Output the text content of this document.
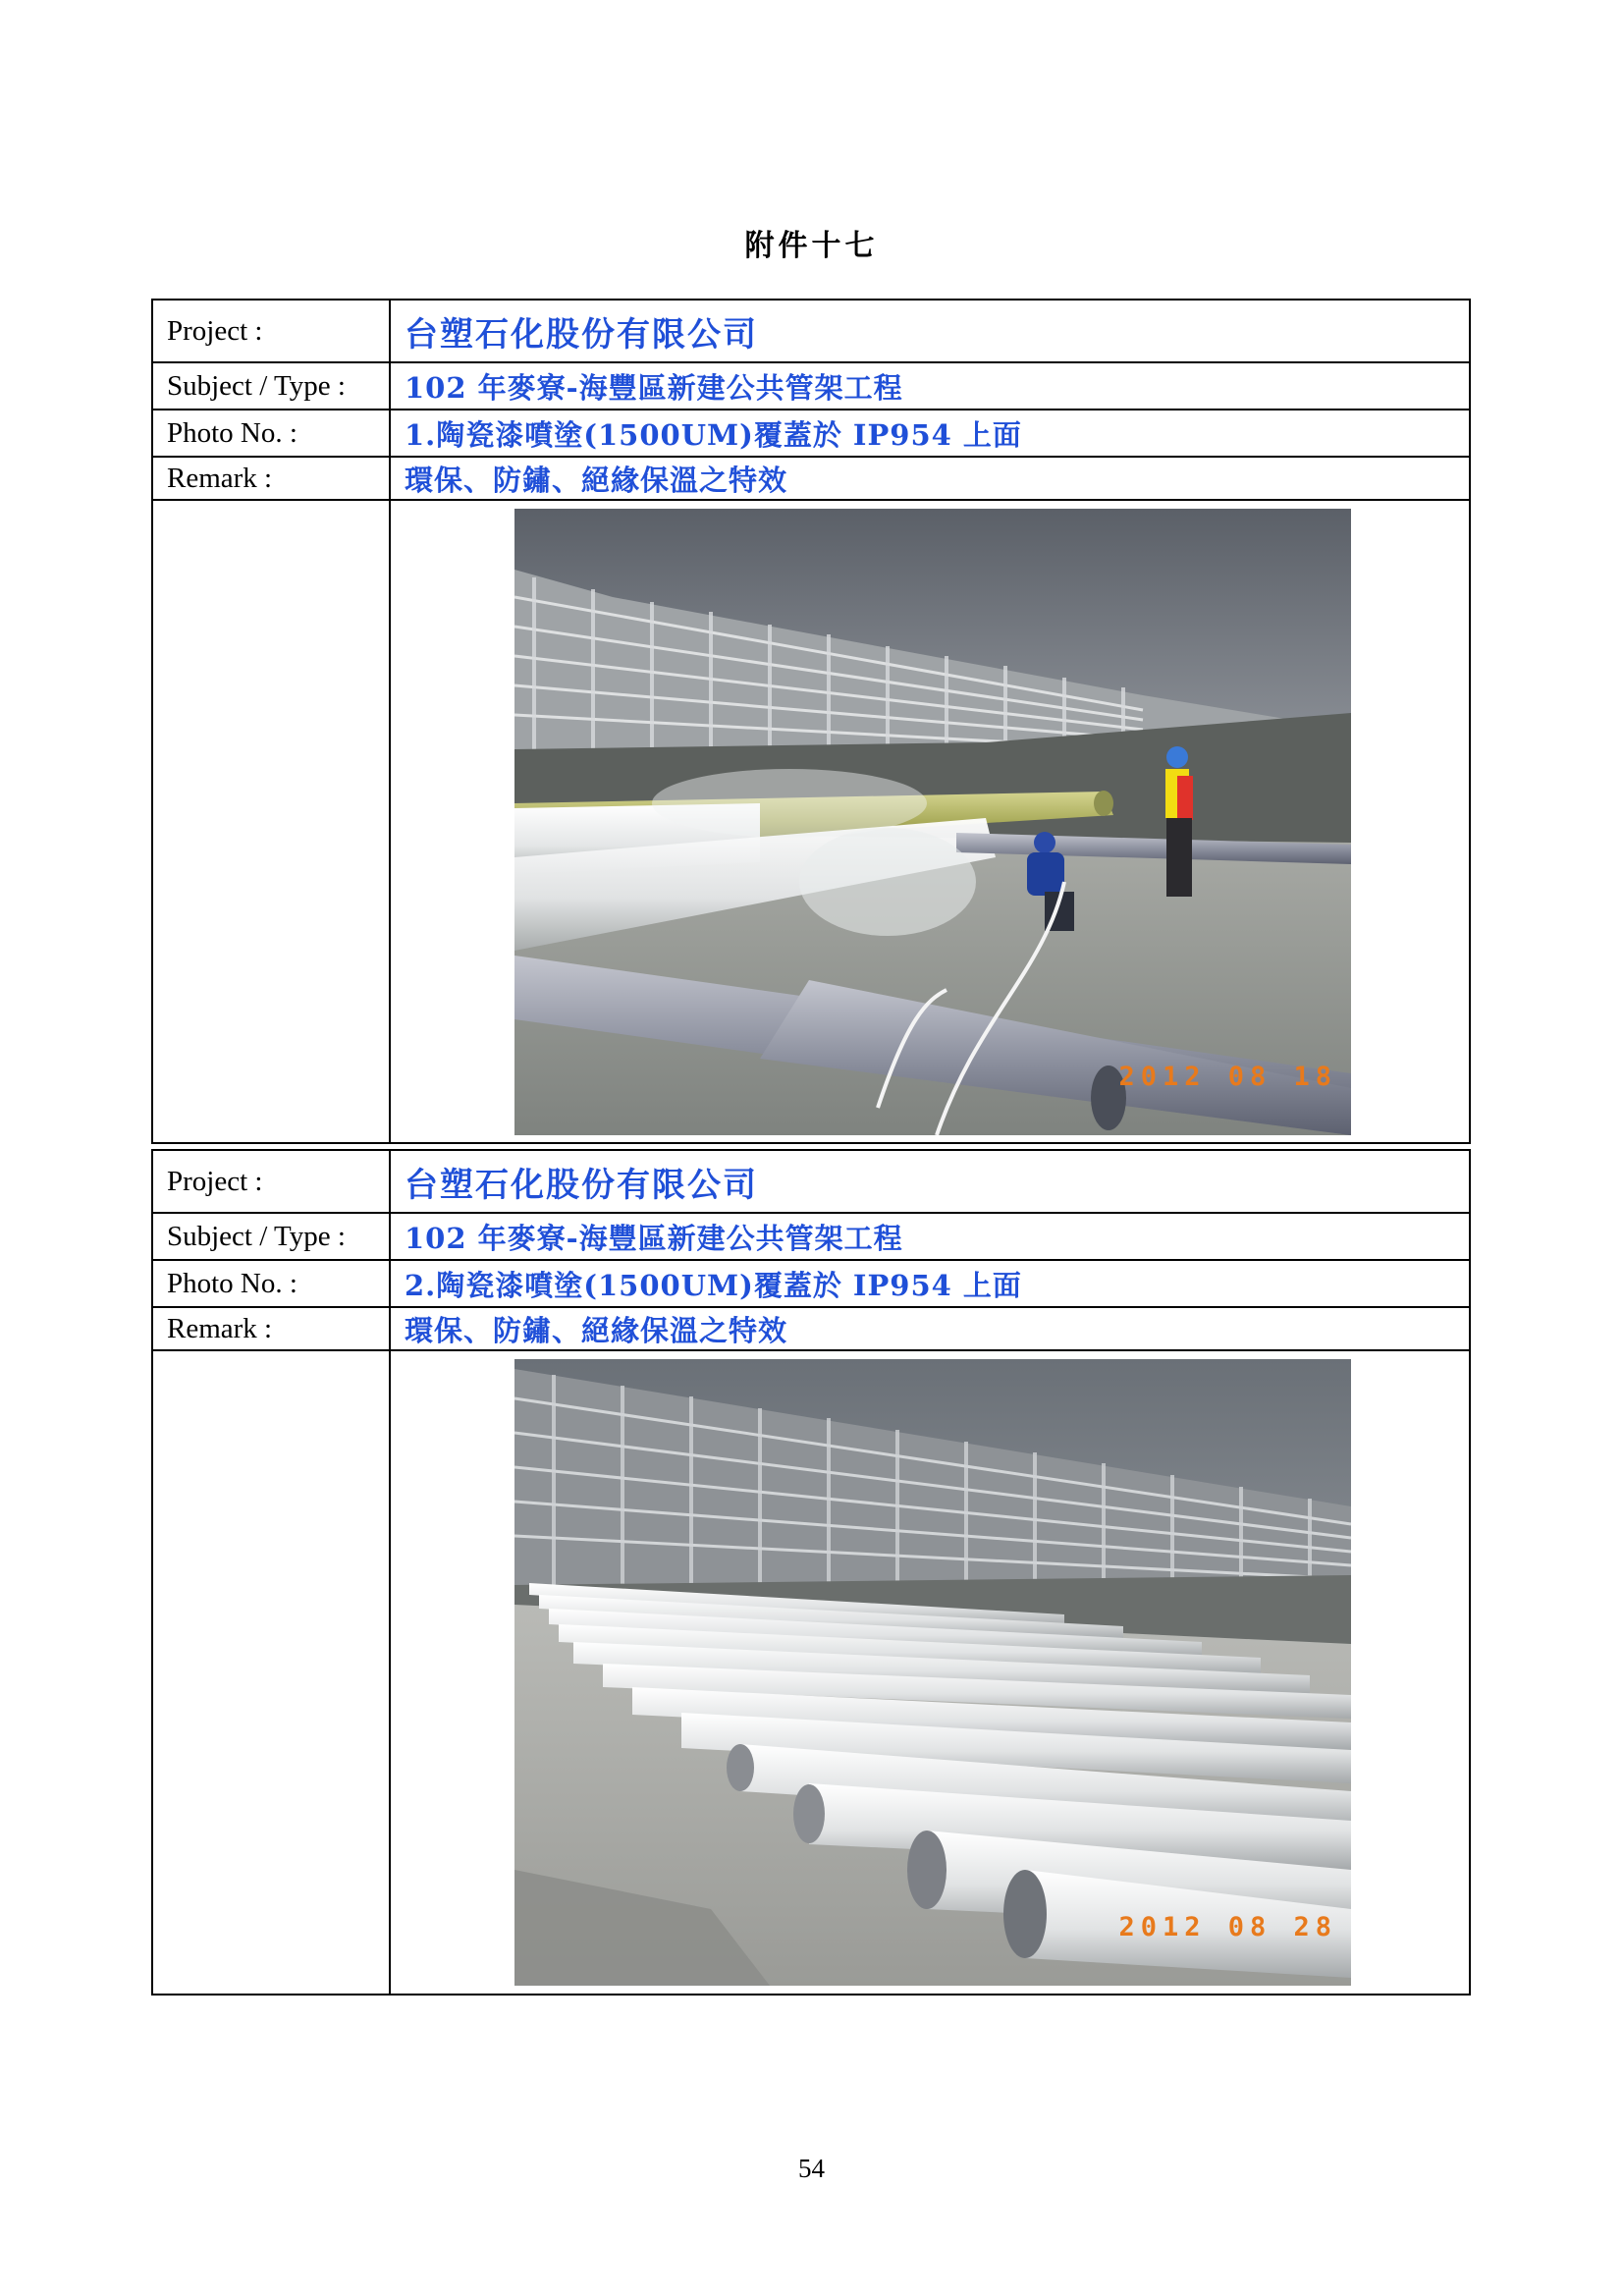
附件十七
Project :	台塑石化股份有限公司
Subject / Type :	102 年麥寮-海豐區新建公共管架工程
Photo No. :	1.陶瓷漆噴塗(1500UM)覆蓋於 IP954 上面
Remark :	環保、防鏽、絕緣保溫之特效

	2012 08 18
Project :	台塑石化股份有限公司
Subject / Type :	102 年麥寮-海豐區新建公共管架工程
Photo No. :	2.陶瓷漆噴塗(1500UM)覆蓋於 IP954 上面
Remark :	環保、防鏽、絕緣保溫之特效

	2012 08 28
54
